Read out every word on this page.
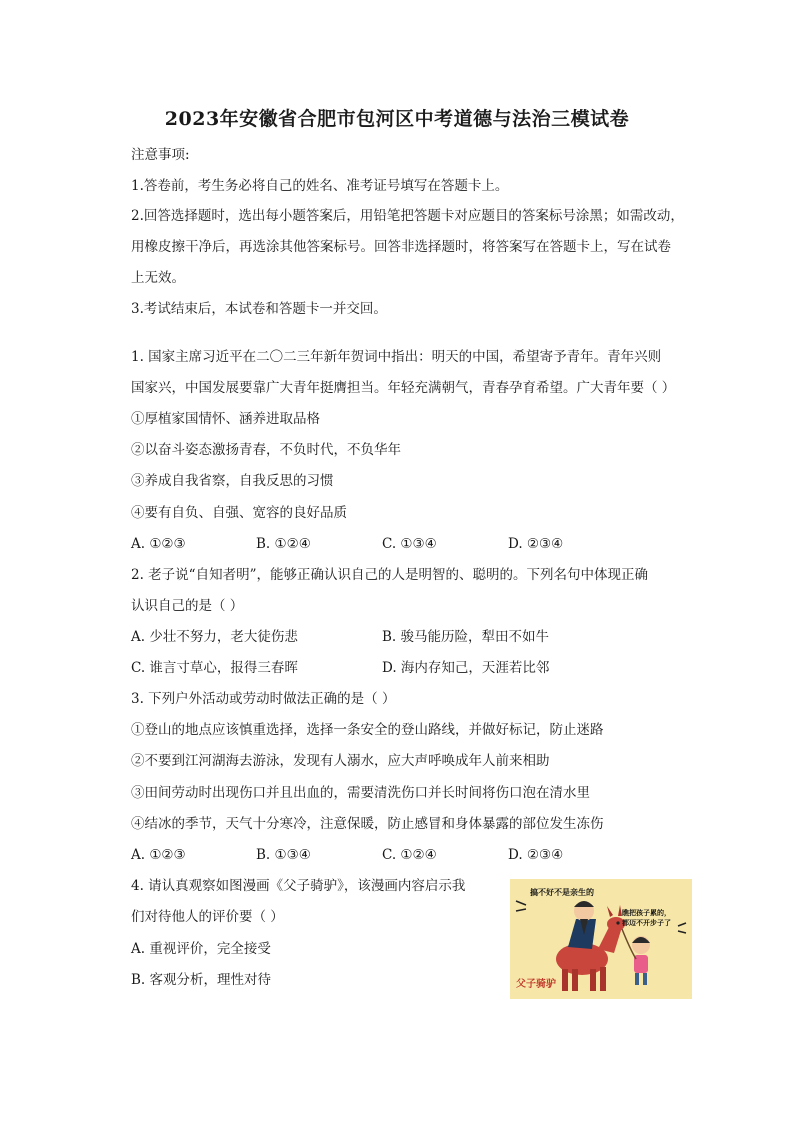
2023年安徽省合肥市包河区中考道德与法治三模试卷
注意事项:
1.答卷前，考生务必将自己的姓名、准考证号填写在答题卡上。
2.回答选择题时，选出每小题答案后，用铅笔把答题卡对应题目的答案标号涂黑；如需改动，
用橡皮擦干净后，再选涂其他答案标号。回答非选择题时，将答案写在答题卡上，写在试卷
上无效。
3.考试结束后，本试卷和答题卡一并交回。
1. 国家主席习近平在二〇二三年新年贺词中指出：明天的中国，希望寄予青年。青年兴则
国家兴，中国发展要靠广大青年挺膺担当。年轻充满朝气，青春孕育希望。广大青年要（ ）
①厚植家国情怀、涵养进取品格
②以奋斗姿态激扬青春，不负时代，不负华年
③养成自我省察，自我反思的习惯
④要有自负、自强、宽容的良好品质
A. ①②③	B. ①②④	C. ①③④	D. ②③④
2. 老子说“自知者明”，能够正确认识自己的人是明智的、聪明的。下列名句中体现正确
认识自己的是（ ）
A. 少壮不努力，老大徒伤悲	B. 骏马能历险，犁田不如牛
C. 谁言寸草心，报得三春晖	D. 海内存知己，天涯若比邻
3. 下列户外活动或劳动时做法正确的是（ ）
①登山的地点应该慎重选择，选择一条安全的登山路线，并做好标记，防止迷路
②不要到江河湖海去游泳，发现有人溺水，应大声呼唤成年人前来相助
③田间劳动时出现伤口并且出血的，需要清洗伤口并长时间将伤口泡在清水里
④结冰的季节，天气十分寒冷，注意保暖，防止感冒和身体暴露的部位发生冻伤
A. ①②③	B. ①③④	C. ①②④	D. ②③④
4. 请认真观察如图漫画《父子骑驴》，该漫画内容启示我
们对待他人的评价要（ ）
A. 重视评价，完全接受
B. 客观分析，理性对待
搞不好不是亲生的
瞧把孩子累的，
都迈不开步子了
父子骑驴
